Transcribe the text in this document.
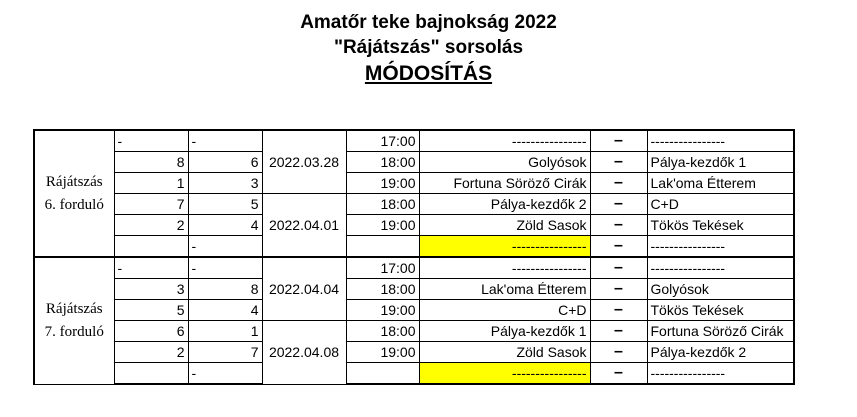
Amatőr teke bajnokság 2022
"Rájátszás" sorsolás
MÓDOSÍTÁS
Rájátszás
6. forduló	-	-	2022.03.28	17:00	----------------	–	----------------
	8	6		18:00	Golyósok	–	Pálya-kezdők 1
	1	3		19:00	Fortuna Söröző Cirák	–	Lak'oma Étterem
	7	5	2022.04.01	18:00	Pálya-kezdők 2	–	C+D
	2	4		19:00	Zöld Sasok	–	Tökös Tekések
		-			----------------	–	----------------

Rájátszás
7. forduló	-	-	2022.04.04	17:00	----------------	–	----------------
	3	8		18:00	Lak'oma Étterem	–	Golyósok
	5	4		19:00	C+D	–	Tökös Tekések
	6	1	2022.04.08	18:00	Pálya-kezdők 1	–	Fortuna Söröző Cirák
	2	7		19:00	Zöld Sasok	–	Pálya-kezdők 2
		-			----------------	–	----------------
